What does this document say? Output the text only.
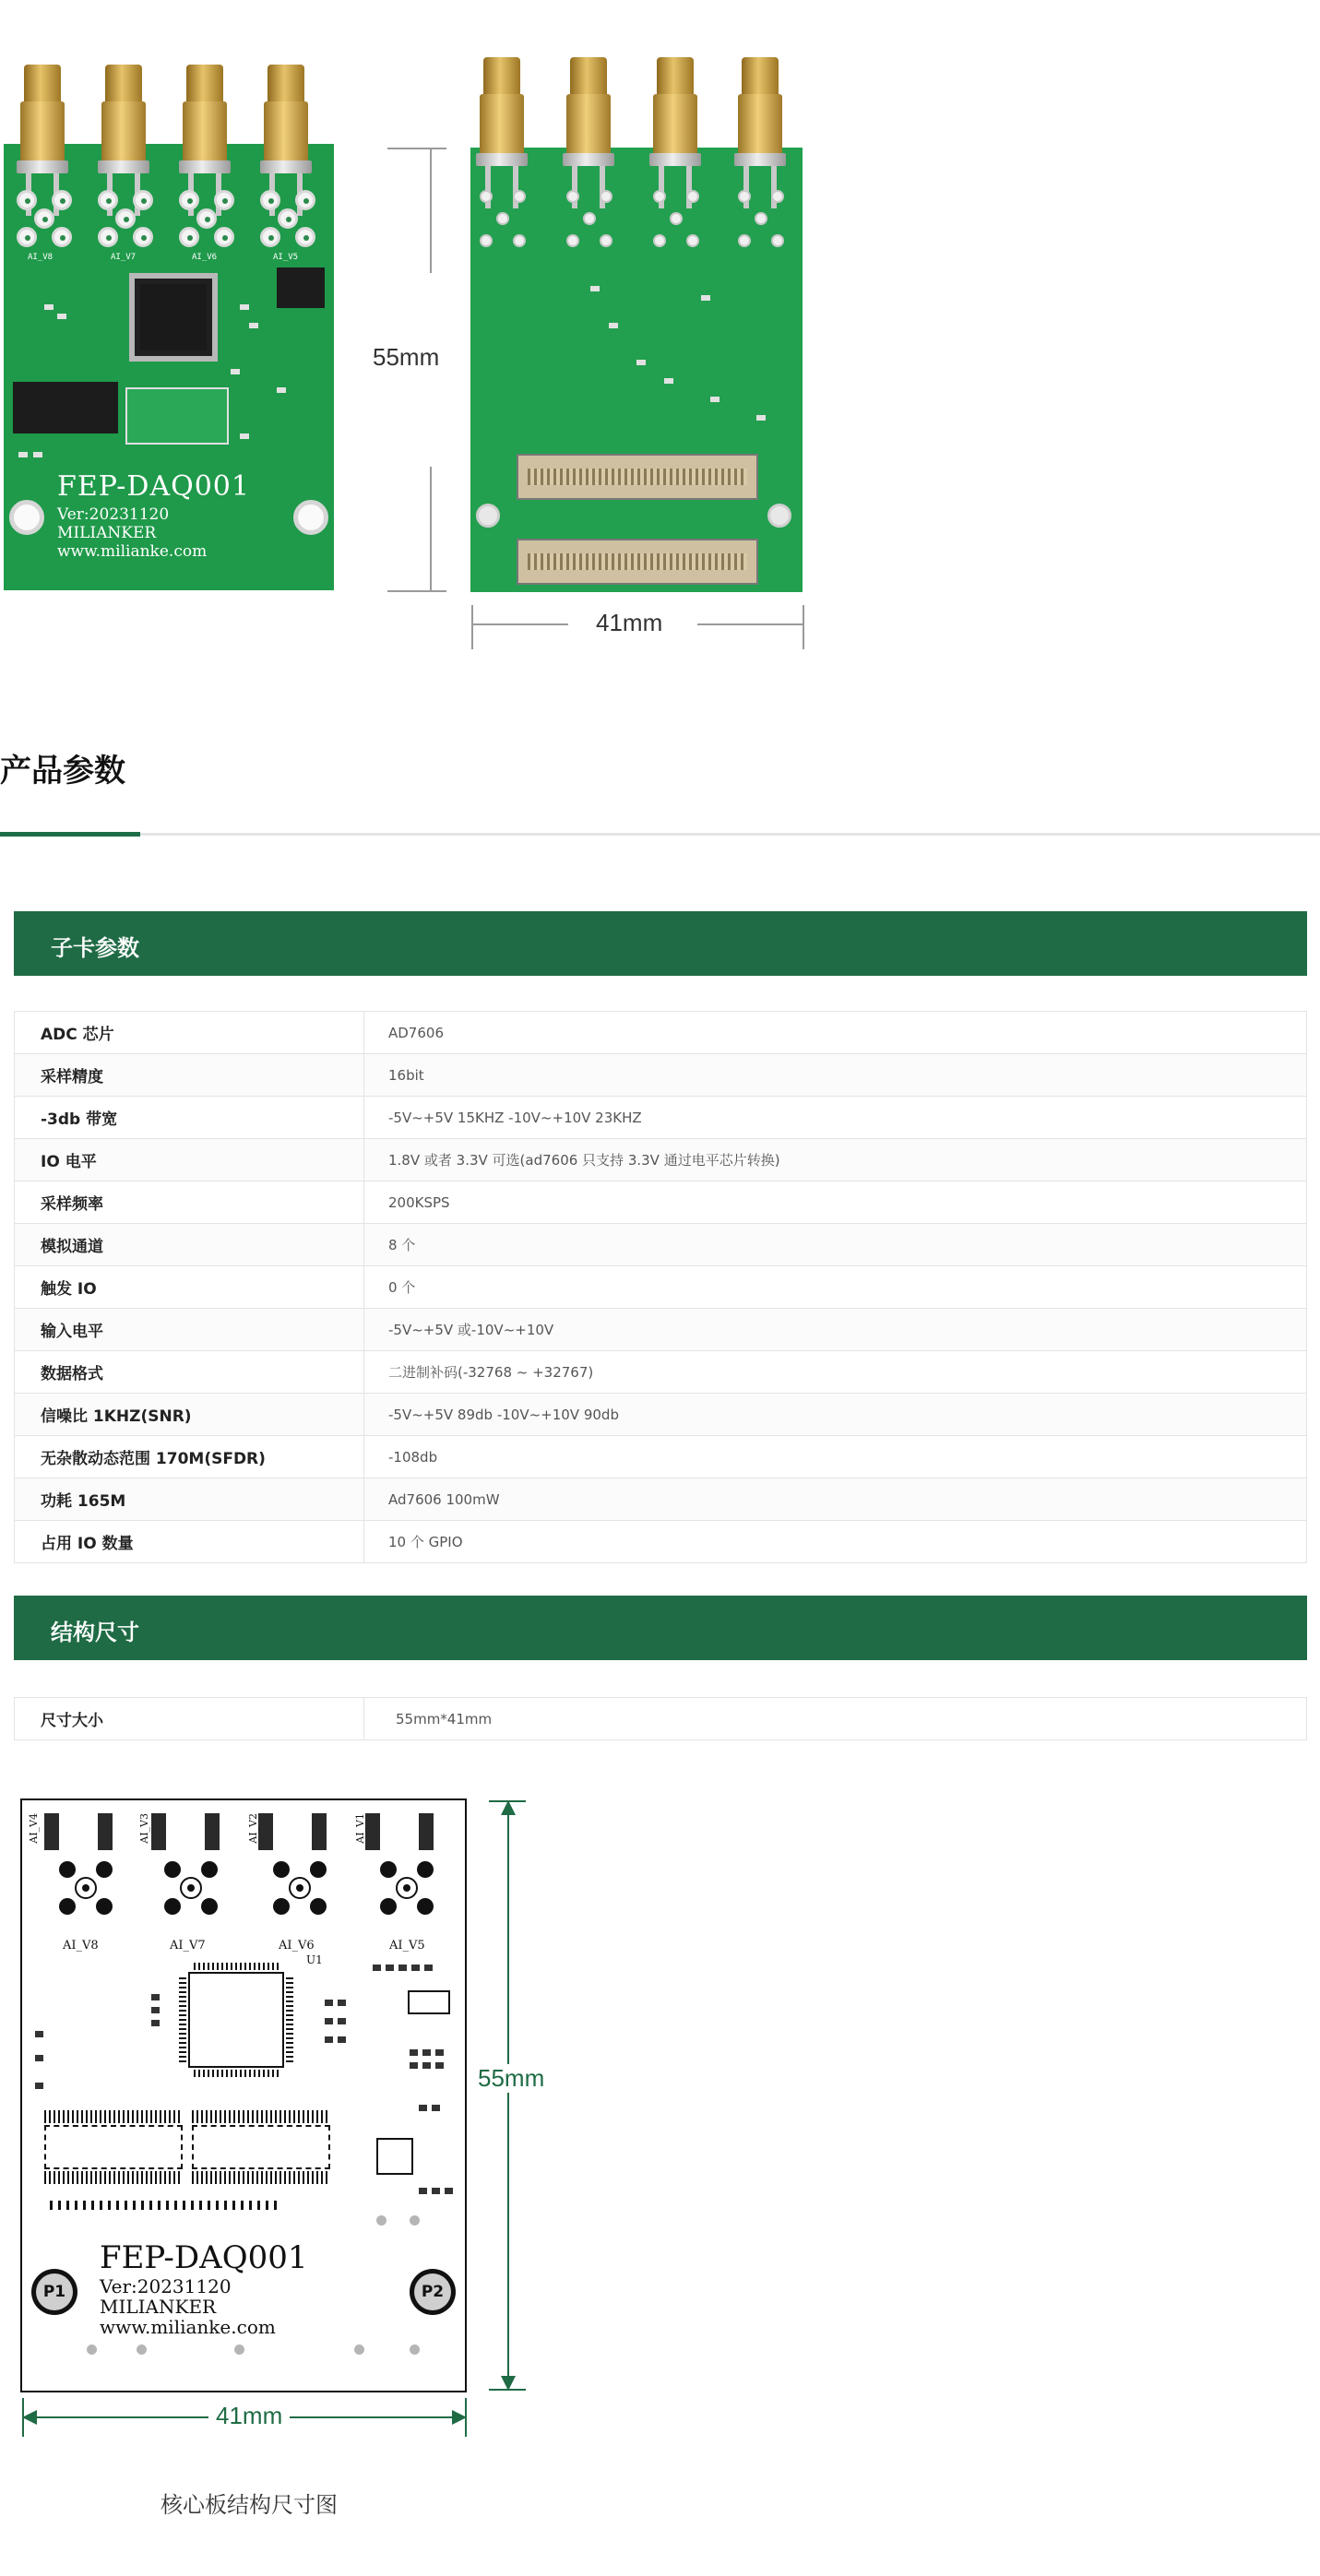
AI_V8	AI_V7	AI_V6	AI_V5
FEP-DAQ001
Ver:20231120
MILIANKER
www.milianke.com
55mm
41mm
产品参数
子卡参数
ADC 芯片	AD7606
采样精度	16bit
-3db 带宽	-5V~+5V 15KHZ -10V~+10V 23KHZ
IO 电平	1.8V 或者 3.3V 可选(ad7606 只支持 3.3V 通过电平芯片转换)
采样频率	200KSPS
模拟通道	8 个
触发 IO	0 个
输入电平	-5V~+5V 或-10V~+10V
数据格式	二进制补码(-32768 ~ +32767)
信噪比 1KHZ(SNR)	-5V~+5V 89db -10V~+10V 90db
无杂散动态范围 170M(SFDR)	-108db
功耗 165M	Ad7606 100mW
占用 IO 数量	10 个 GPIO
结构尺寸
尺寸大小	55mm*41mm
AI_V4	AI_V3	AI_V2	AI_V1
AI_V8	AI_V7	AI_V6	AI_V5
U1
FEP-DAQ001
Ver:20231120
MILIANKER
www.milianke.com
P1	P2
55mm
41mm
核心板结构尺寸图
